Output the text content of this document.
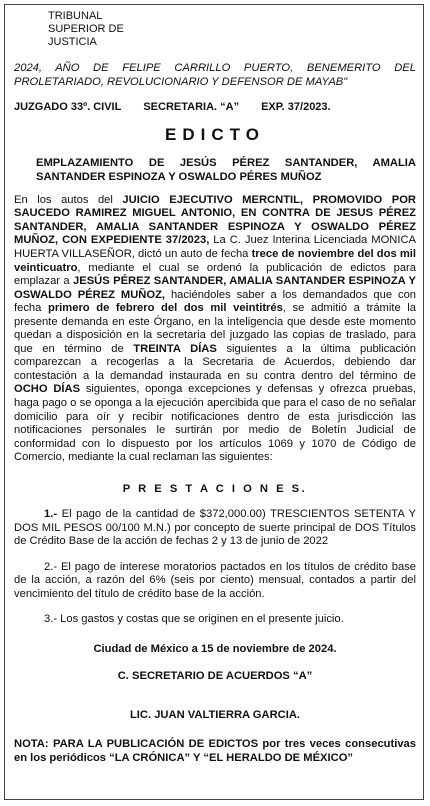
TRIBUNAL
SUPERIOR DE
JUSTICIA
2024, AÑO DE FELIPE CARRILLO PUERTO, BENEMERITO DEL PROLETARIADO, REVOLUCIONARIO Y DEFENSOR DE MAYAB"
JUZGADO 33º. CIVIL SECRETARIA. “A” EXP. 37/2023.
EDICTO
EMPLAZAMIENTO DE JESÚS PÉREZ SANTANDER, AMALIA SANTANDER ESPINOZA Y OSWALDO PÉRES MUÑOZ
En los autos del JUICIO EJECUTIVO MERCNTIL, PROMOVIDO POR SAUCEDO RAMIREZ MIGUEL ANTONIO, EN CONTRA DE JESUS PÉREZ SANTANDER, AMALIA SANTANDER ESPINOZA Y OSWALDO PÉREZ MUÑOZ, CON EXPEDIENTE 37/2023, La C. Juez Interina Licenciada MONICA HUERTA VILLASEÑOR, dictó un auto de fecha trece de noviembre del dos mil veinticuatro, mediante el cual se ordenó la publicación de edictos para emplazar a JESÚS PÉREZ SANTANDER, AMALIA SANTANDER ESPINOZA Y OSWALDO PÉREZ MUÑOZ, haciéndoles saber a los demandados que con fecha primero de febrero del dos mil veintitrés, se admitió a trámite la presente demanda en este Órgano, en la inteligencia que desde este momento quedan a disposición en la secretaria del juzgado las copias de traslado, para que en término de TREINTA DÍAS siguientes a la última publicación comparezcan a recogerlas a la Secretaria de Acuerdos, debiendo dar contestación a la demandad instaurada en su contra dentro del término de OCHO DÍAS siguientes, oponga excepciones y defensas y ofrezca pruebas, haga pago o se oponga a la ejecución apercibida que para el caso de no señalar domicilio para oír y recibir notificaciones dentro de esta jurisdicción las notificaciones personales le surtirán por medio de Boletín Judicial de conformidad con lo dispuesto por los artículos 1069 y 1070 de Código de Comercio, mediante la cual reclaman las siguientes:
P R E S T A C I O N E S.
1.- El pago de la cantidad de $372,000.00) TRESCIENTOS SETENTA Y DOS MIL PESOS 00/100 M.N.) por concepto de suerte principal de DOS Títulos de Crédito Base de la acción de fechas 2 y 13 de junio de 2022
2.- El pago de interese moratorios pactados en los títulos de crédito base de la acción, a razón del 6% (seis por ciento) mensual, contados a partir del vencimiento del título de crédito base de la acción.
3.- Los gastos y costas que se originen en el presente juicio.
Ciudad de México a 15 de noviembre de 2024.
C. SECRETARIO DE ACUERDOS “A”
LIC. JUAN VALTIERRA GARCIA.
NOTA: PARA LA PUBLICACIÓN DE EDICTOS por tres veces consecutivas en los periódicos “LA CRÓNICA” Y “EL HERALDO DE MÉXICO”
